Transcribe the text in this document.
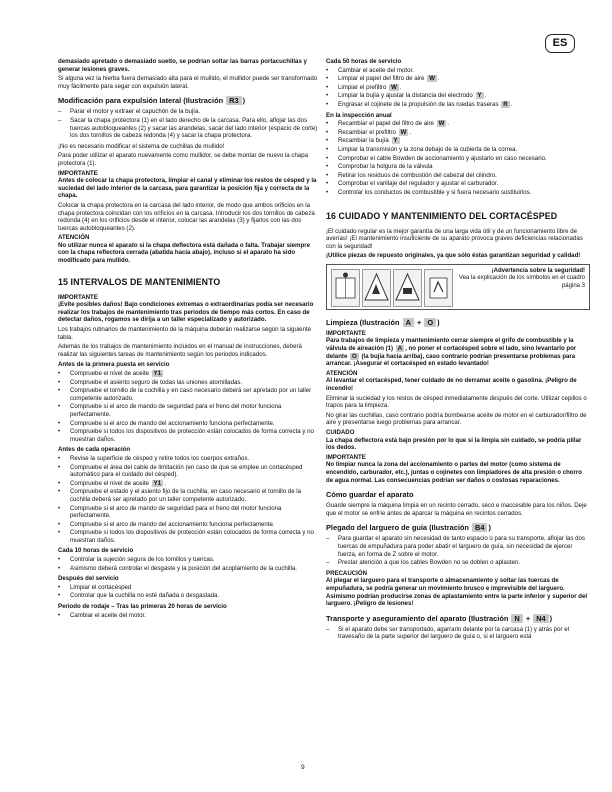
ES
demasiado apretado o demasiado suelto, se podrían soltar las barras portacuchillas y generar lesiones graves.
Si alguna vez la hierba fuera demasiado alta para el mullido, el mullidor puede ser transformado muy fácilmente para segar con expulsión lateral.
Modificación para expulsión lateral (Ilustración R3 )
– Parar el motor y extraer el capuchón de la bujía.
– Sacar la chapa protectora (1) en el lado derecho de la carcasa. Para ello, aflojar las dos tuercas autobloqueantes (2) y sacar las arandelas, sacar del lado interior (espacio de corte) los dos tornillos de cabeza redonda (4) y sacar la chapa protectora.
¡No es necesario modificar el sistema de cuchillas de mullido!
Para poder utilizar el aparato nuevamente como mullidor, se debe montar de nuevo la chapa protectora (1).
IMPORTANTE
Antes de colocar la chapa protectora, limpiar el canal y eliminar los restos de césped y la suciedad del lado interior de la carcasa, para garantizar la posición fija y correcta de la chapa.
Colocar la chapa protectora en la carcasa del lado interior, de modo que ambos orificios en la chapa protectora coincidan con los orificios en la carcasa. Introducir los dos tornillos de cabeza redonda (4) en los orificios desde el interior, colocar las arandelas (3) y fijarlos con las dos tuercas autobloqueantes (2).
ATENCIÓN
No utilizar nunca el aparato si la chapa deflectora está dañada o falta. Trabajar siempre con la chapa reflectora cerrada (abatida hacia abajo), incluso si el aparato ha sido modificado para mullido.
15 INTERVALOS DE MANTENIMIENTO
IMPORTANTE
¡Evite posibles daños! Bajo condiciones extremas o extraordinarias podía ser necesario realizar los trabajos de mantenimiento tras periodos de tiempo más cortos. En caso de detectar daños, rogamos se dirija a un taller especializado y autorizado.
Los trabajos rutinarios de mantenimiento de la máquina deberán realizarse según la siguiente tabla.
Además de los trabajos de mantenimiento incluidos en el manual de instrucciones, deberá realizar las siguientes tareas de mantenimiento según los periodos indicados.
Antes de la primera puesta en servicio
• Compruebe el nivel de aceite Y1
• Compruebe el asiento seguro de todas las uniones atornilladas.
• Compruebe el tornillo de la cuchilla y en caso necesario deberá ser apretado por un taller competente autorizado.
• Compruebe si el arco de mando de seguridad para el freno del motor funciona perfectamente.
• Compruebe si el arco de mando del accionamiento funciona perfectamente.
• Compruebe si todos los dispositivos de protección están colocados de forma correcta y no muestran daños.
Antes de cada operación
• Revise la superficie de césped y retire todos los cuerpos extraños.
• Compruebe el área del cable de limitación (en caso de que se emplee un cortacésped automático para el cuidado del césped).
• Compruebe el nivel de aceite Y1 .
• Compruebe el estado y el asiento fijo de la cuchilla, en caso necesario el tornillo de la cuchilla deberá ser apretado por un taller competente autorizado.
• Compruebe si el arco de mando de seguridad para el freno del motor funciona perfectamente.
• Compruebe si el arco de mando del accionamiento funciona perfectamente.
• Compruebe si todos los dispositivos de protección están colocados de forma correcta y no muestran daños.
Cada 10 horas de servicio
• Controlar la sujeción segura de los tornillos y tuercas.
• Asimismo deberá controlar el desgaste y la posición del acoplamiento de la cuchilla.
Después del servicio
• Limpiar el cortacésped
• Controlar que la cuchilla no esté dañada o desgastada.
Periodo de rodaje – Tras las primeras 20 horas de servicio
• Cambiar el aceite del motor.
Cada 50 horas de servicio
• Cambiar el aceite del motor.
• Limpiar el papel del filtro de aire W .
• Limpiar el prefiltro W .
• Limpiar la bujía y ajustar la distancia del electrodo Y .
• Engrasar el cojinete de la propulsión de las ruedas traseras R .
En la inspección anual
• Recambiar el papel del filtro de aire W .
• Recambiar el prefiltro W .
• Recambiar la bujía Y
• Limpiar la transmisión y la zona debajo de la cubierta de la correa.
• Comprobar el cable Bowden de accionamiento y ajustarlo en caso necesario.
• Comprobar la holgura de la válvula
• Retirar los residuos de combustión del cabezal del cilindro.
• Comprobar el varillaje del regulador y ajustar el carburador.
• Controlar los conductos de combustible y si fuera necesario sustituirlos.
16 CUIDADO Y MANTENIMIENTO DEL CORTACÉSPED
¡El cuidado regular es la mejor garantía de una larga vida útil y de un funcionamiento libre de averías! ¡El mantenimiento insuficiente de su aparato provoca graves deficiencias relacionadas con la seguridad!
¡Utilice piezas de repuesto originales, ya que sólo éstas garantizan seguridad y calidad!
¡Advertencia sobre la seguridad!
Vea la explicación de los símbolos en el cuadro página 3
Limpieza (Ilustración A + O )
IMPORTANTE
Para trabajos de limpieza y mantenimiento cerrar siempre el grifo de combustible y la válvula de aireación (1) A , no poner el cortacésped sobre el lado, sino levantarlo por delante O (la bujía hacia arriba), caso contrario podrían presentarse problemas para arrancar. ¡Asegurar el cortacésped en estado levantado!
ATENCIÓN
Al levantar el cortacésped, tener cuidado de no derramar aceite o gasolina. ¡Peligro de incendio!
Eliminar la suciedad y los restos de césped inmediatamente después del corte. Utilizar cepillos o trapos para la limpieza.
No girar las cuchillas, caso contrario podría bombearse aceite de motor en el carburador/filtro de aire y presentarse luego problemas para arrancar.
CUIDADO
La chapa deflectora está bajo presión por lo que si la limpia sin cuidado, se podría pillar los dedos.
IMPORTANTE
No limpiar nunca la zona del accionamiento o partes del motor (como sistema de encendido, carburador, etc.), juntas o cojinetes con limpiadores de alta presión o chorro de agua normal. Las consecuencias podrían ser daños o costosas reparaciones.
Cómo guardar el aparato
Guarde siempre la máquina limpia en un recinto cerrado, seco e inaccesible para los niños. Deje que el motor se enfríe antes de aparcar la máquina en recintos cerrados.
Plegado del larguero de guía (Ilustración B4 )
– Para guardar el aparato sin necesidad de tanto espacio o para su transporte, aflojar las dos tuercas de empuñadura para poder abatir el larguero de guía, sin necesidad de ejercer fuerza, en forma de Z sobre el motor.
– Prestar atención a que los cables Bowden no se doblen o aplasten.
PRECAUCIÓN
Al plegar el larguero para el transporte o almacenamiento y soltar las tuercas de empuñadura, se podría generar un movimiento brusco e imprevisible del larguero. Asimismo podrían producirse zonas de aplastamiento entre la parte inferior y superior del larguero. ¡Peligro de lesiones!
Transporte y aseguramiento del aparato (Ilustración N + N4 )
– Si el aparato debe ser transportado, agarrarlo delante por la carcasa (1) y atrás por el travesaño de la parte superior del larguero de guía o, si el larguero está
9
